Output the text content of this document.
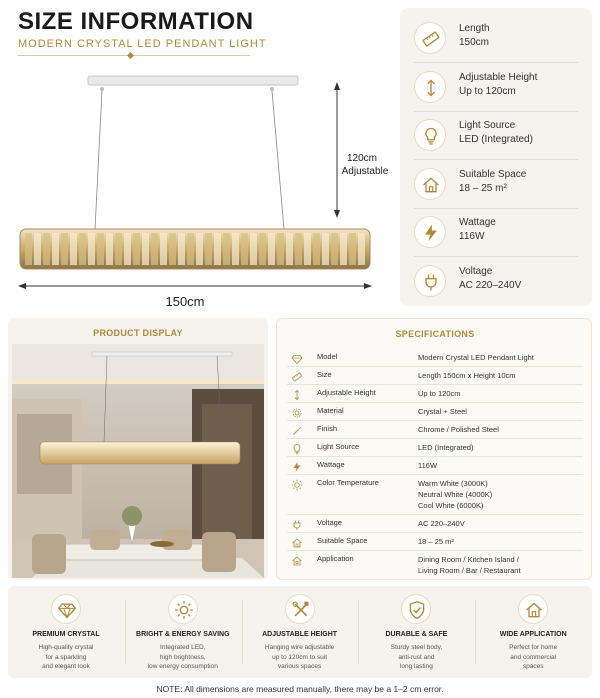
SIZE INFORMATION
MODERN CRYSTAL LED PENDANT LIGHT
120cm
Adjustable
150cm
Length
150cm
Adjustable Height
Up to 120cm
Light Source
LED (Integrated)
Suitable Space
18 – 25 m²
Wattage
116W
Voltage
AC 220–240V
PRODUCT DISPLAY	SPECIFICATIONS
Model	Modern Crystal LED Pendant Light
Size	Length 150cm x Height 10cm
Adjustable Height	Up to 120cm
Material	Crystal + Steel
Finish	Chrome / Polished Steel
Light Source	LED (Integrated)
Wattage	116W
Color Temperature	Warm White (3000K)
Neutral White (4000K)
Cool White (6000K)
Voltage	AC 220–240V
Suitable Space	18 – 25 m²
Application	Dining Room / Kitchen Island /
Living Room / Bar / Restaurant
PREMIUM CRYSTAL
High-quality crystal
for a sparkling
and elegant look
BRIGHT & ENERGY SAVING
Integrated LED,
high brightness,
low energy consumption
ADJUSTABLE HEIGHT
Hanging wire adjustable
up to 120cm to suit
various spaces
DURABLE & SAFE
Sturdy steel body,
anti-rust and
long lasting
WIDE APPLICATION
Perfect for home
and commercial
spaces
NOTE: All dimensions are measured manually, there may be a 1–2 cm error.
